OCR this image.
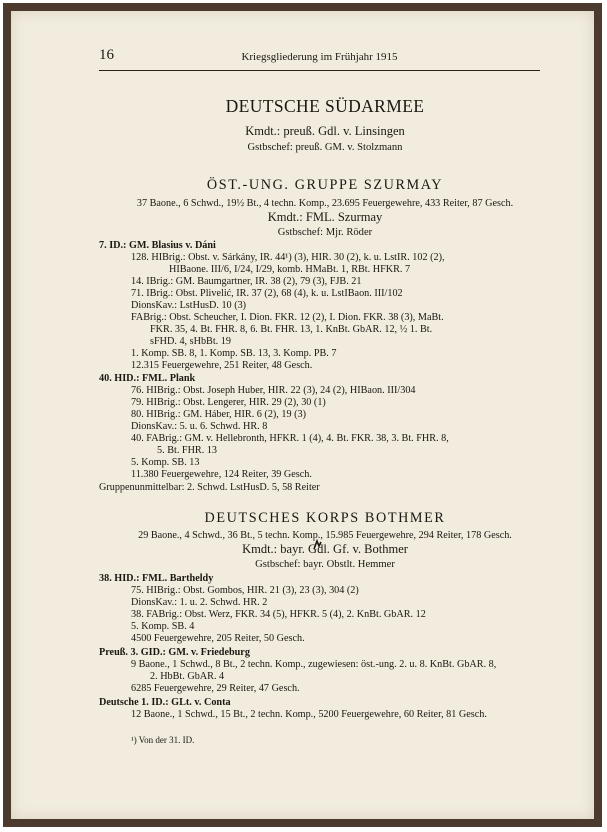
16	Kriegsgliederung im Frühjahr 1915
DEUTSCHE SÜDARMEE
Kmdt.: preuß. Gdl. v. Linsingen
Gstbschef: preuß. GM. v. Stolzmann
ÖST.-UNG. GRUPPE SZURMAY
37 Baone., 6 Schwd., 19½ Bt., 4 techn. Komp., 23.695 Feuergewehre, 433 Reiter, 87 Gesch.
Kmdt.: FML. Szurmay
Gstbschef: Mjr. Röder
7. ID.: GM. Blasius v. Dáni
128. HIBrig.: Obst. v. Sárkány, IR. 44¹) (3), HIR. 30 (2), k. u. LstIR. 102 (2),
HIBaone. III/6, I/24, I/29, komb. HMaBt. 1, RBt. HFKR. 7
14. IBrig.: GM. Baumgartner, IR. 38 (2), 79 (3), FJB. 21
71. IBrig.: Obst. Plivelić, IR. 37 (2), 68 (4), k. u. LstIBaon. III/102
DionsKav.: LstHusD. 10 (3)
FABrig.: Obst. Scheucher, I. Dion. FKR. 12 (2), I. Dion. FKR. 38 (3), MaBt.
FKR. 35, 4. Bt. FHR. 8, 6. Bt. FHR. 13, 1. KnBt. GbAR. 12, ½ 1. Bt.
sFHD. 4, sHbBt. 19
1. Komp. SB. 8, 1. Komp. SB. 13, 3. Komp. PB. 7
12.315 Feuergewehre, 251 Reiter, 48 Gesch.
40. HID.: FML. Plank
76. HIBrig.: Obst. Joseph Huber, HIR. 22 (3), 24 (2), HIBaon. III/304
79. HIBrig.: Obst. Lengerer, HIR. 29 (2), 30 (1)
80. HIBrig.: GM. Háber, HIR. 6 (2), 19 (3)
DionsKav.: 5. u. 6. Schwd. HR. 8
40. FABrig.: GM. v. Hellebronth, HFKR. 1 (4), 4. Bt. FKR. 38, 3. Bt. FHR. 8,
5. Bt. FHR. 13
5. Komp. SB. 13
11.380 Feuergewehre, 124 Reiter, 39 Gesch.
Gruppenunmittelbar: 2. Schwd. LstHusD. 5, 58 Reiter
DEUTSCHES KORPS BOTHMER
29 Baone., 4 Schwd., 36 Bt., 5 techn. Komp., 15.985 Feuergewehre, 294 Reiter, 178 Gesch.
Kmdt.: bayr. Gdl. Gf. v. Bothmer
Gstbschef: bayr. Obstlt. Hemmer
38. HID.: FML. Bartheldy
75. HIBrig.: Obst. Gombos, HIR. 21 (3), 23 (3), 304 (2)
DionsKav.: 1. u. 2. Schwd. HR. 2
38. FABrig.: Obst. Werz, FKR. 34 (5), HFKR. 5 (4), 2. KnBt. GbAR. 12
5. Komp. SB. 4
4500 Feuergewehre, 205 Reiter, 50 Gesch.
Preuß. 3. GID.: GM. v. Friedeburg
9 Baone., 1 Schwd., 8 Bt., 2 techn. Komp., zugewiesen: öst.-ung. 2. u. 8. KnBt. GbAR. 8,
2. HbBt. GbAR. 4
6285 Feuergewehre, 29 Reiter, 47 Gesch.
Deutsche 1. ID.: GLt. v. Conta
12 Baone., 1 Schwd., 15 Bt., 2 techn. Komp., 5200 Feuergewehre, 60 Reiter, 81 Gesch.
¹) Von der 31. ID.
